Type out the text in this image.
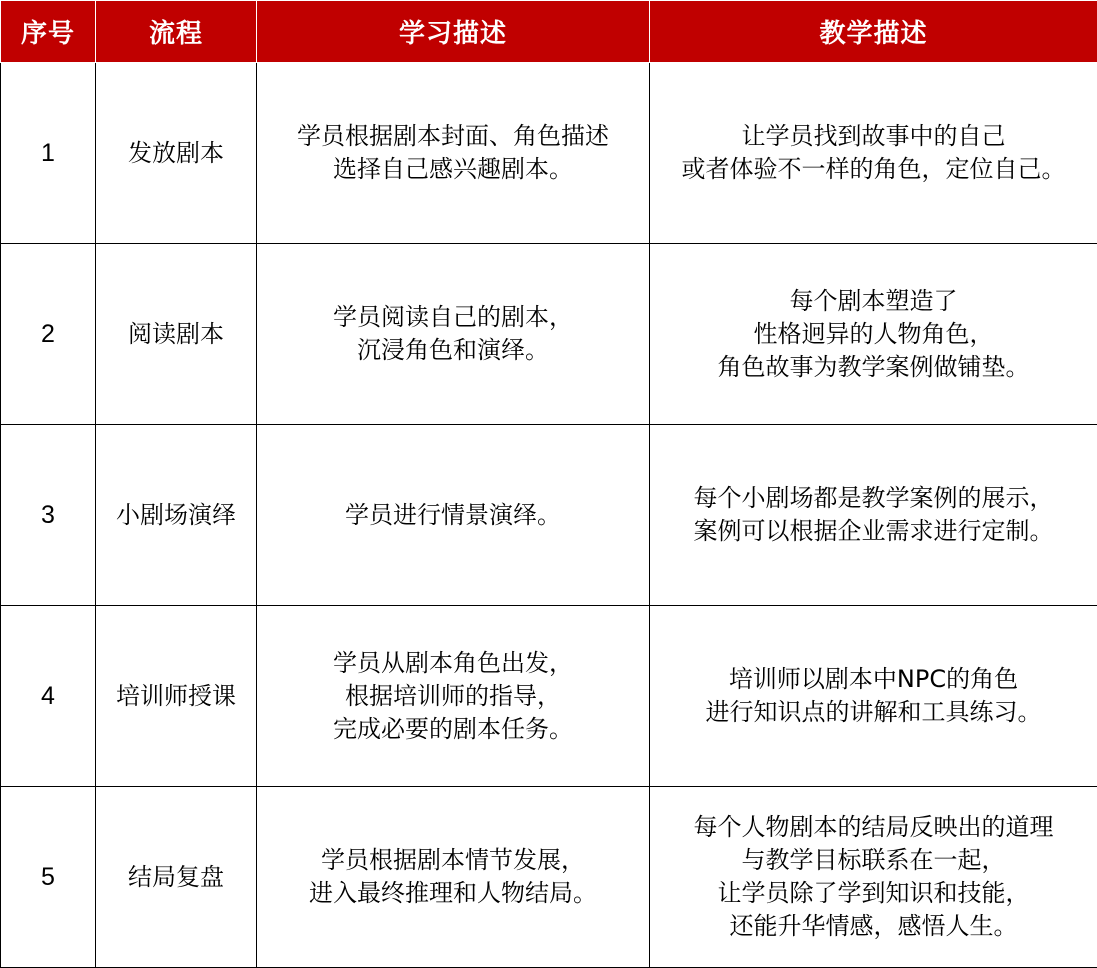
序号	流程	学习描述	教学描述
1	发放剧本	学员根据剧本封面、角色描述
选择自己感兴趣剧本。	让学员找到故事中的自己
或者体验不一样的角色，定位自己。

2	阅读剧本	学员阅读自己的剧本，
沉浸角色和演绎。	每个剧本塑造了
性格迥异的人物角色，
角色故事为教学案例做铺垫。

3	小剧场演绎	学员进行情景演绎。	每个小剧场都是教学案例的展示，
案例可以根据企业需求进行定制。

4	培训师授课	学员从剧本角色出发，
根据培训师的指导，
完成必要的剧本任务。	培训师以剧本中NPC的角色
进行知识点的讲解和工具练习。

5	结局复盘	学员根据剧本情节发展，
进入最终推理和人物结局。	每个人物剧本的结局反映出的道理
与教学目标联系在一起，
让学员除了学到知识和技能，
还能升华情感，感悟人生。
